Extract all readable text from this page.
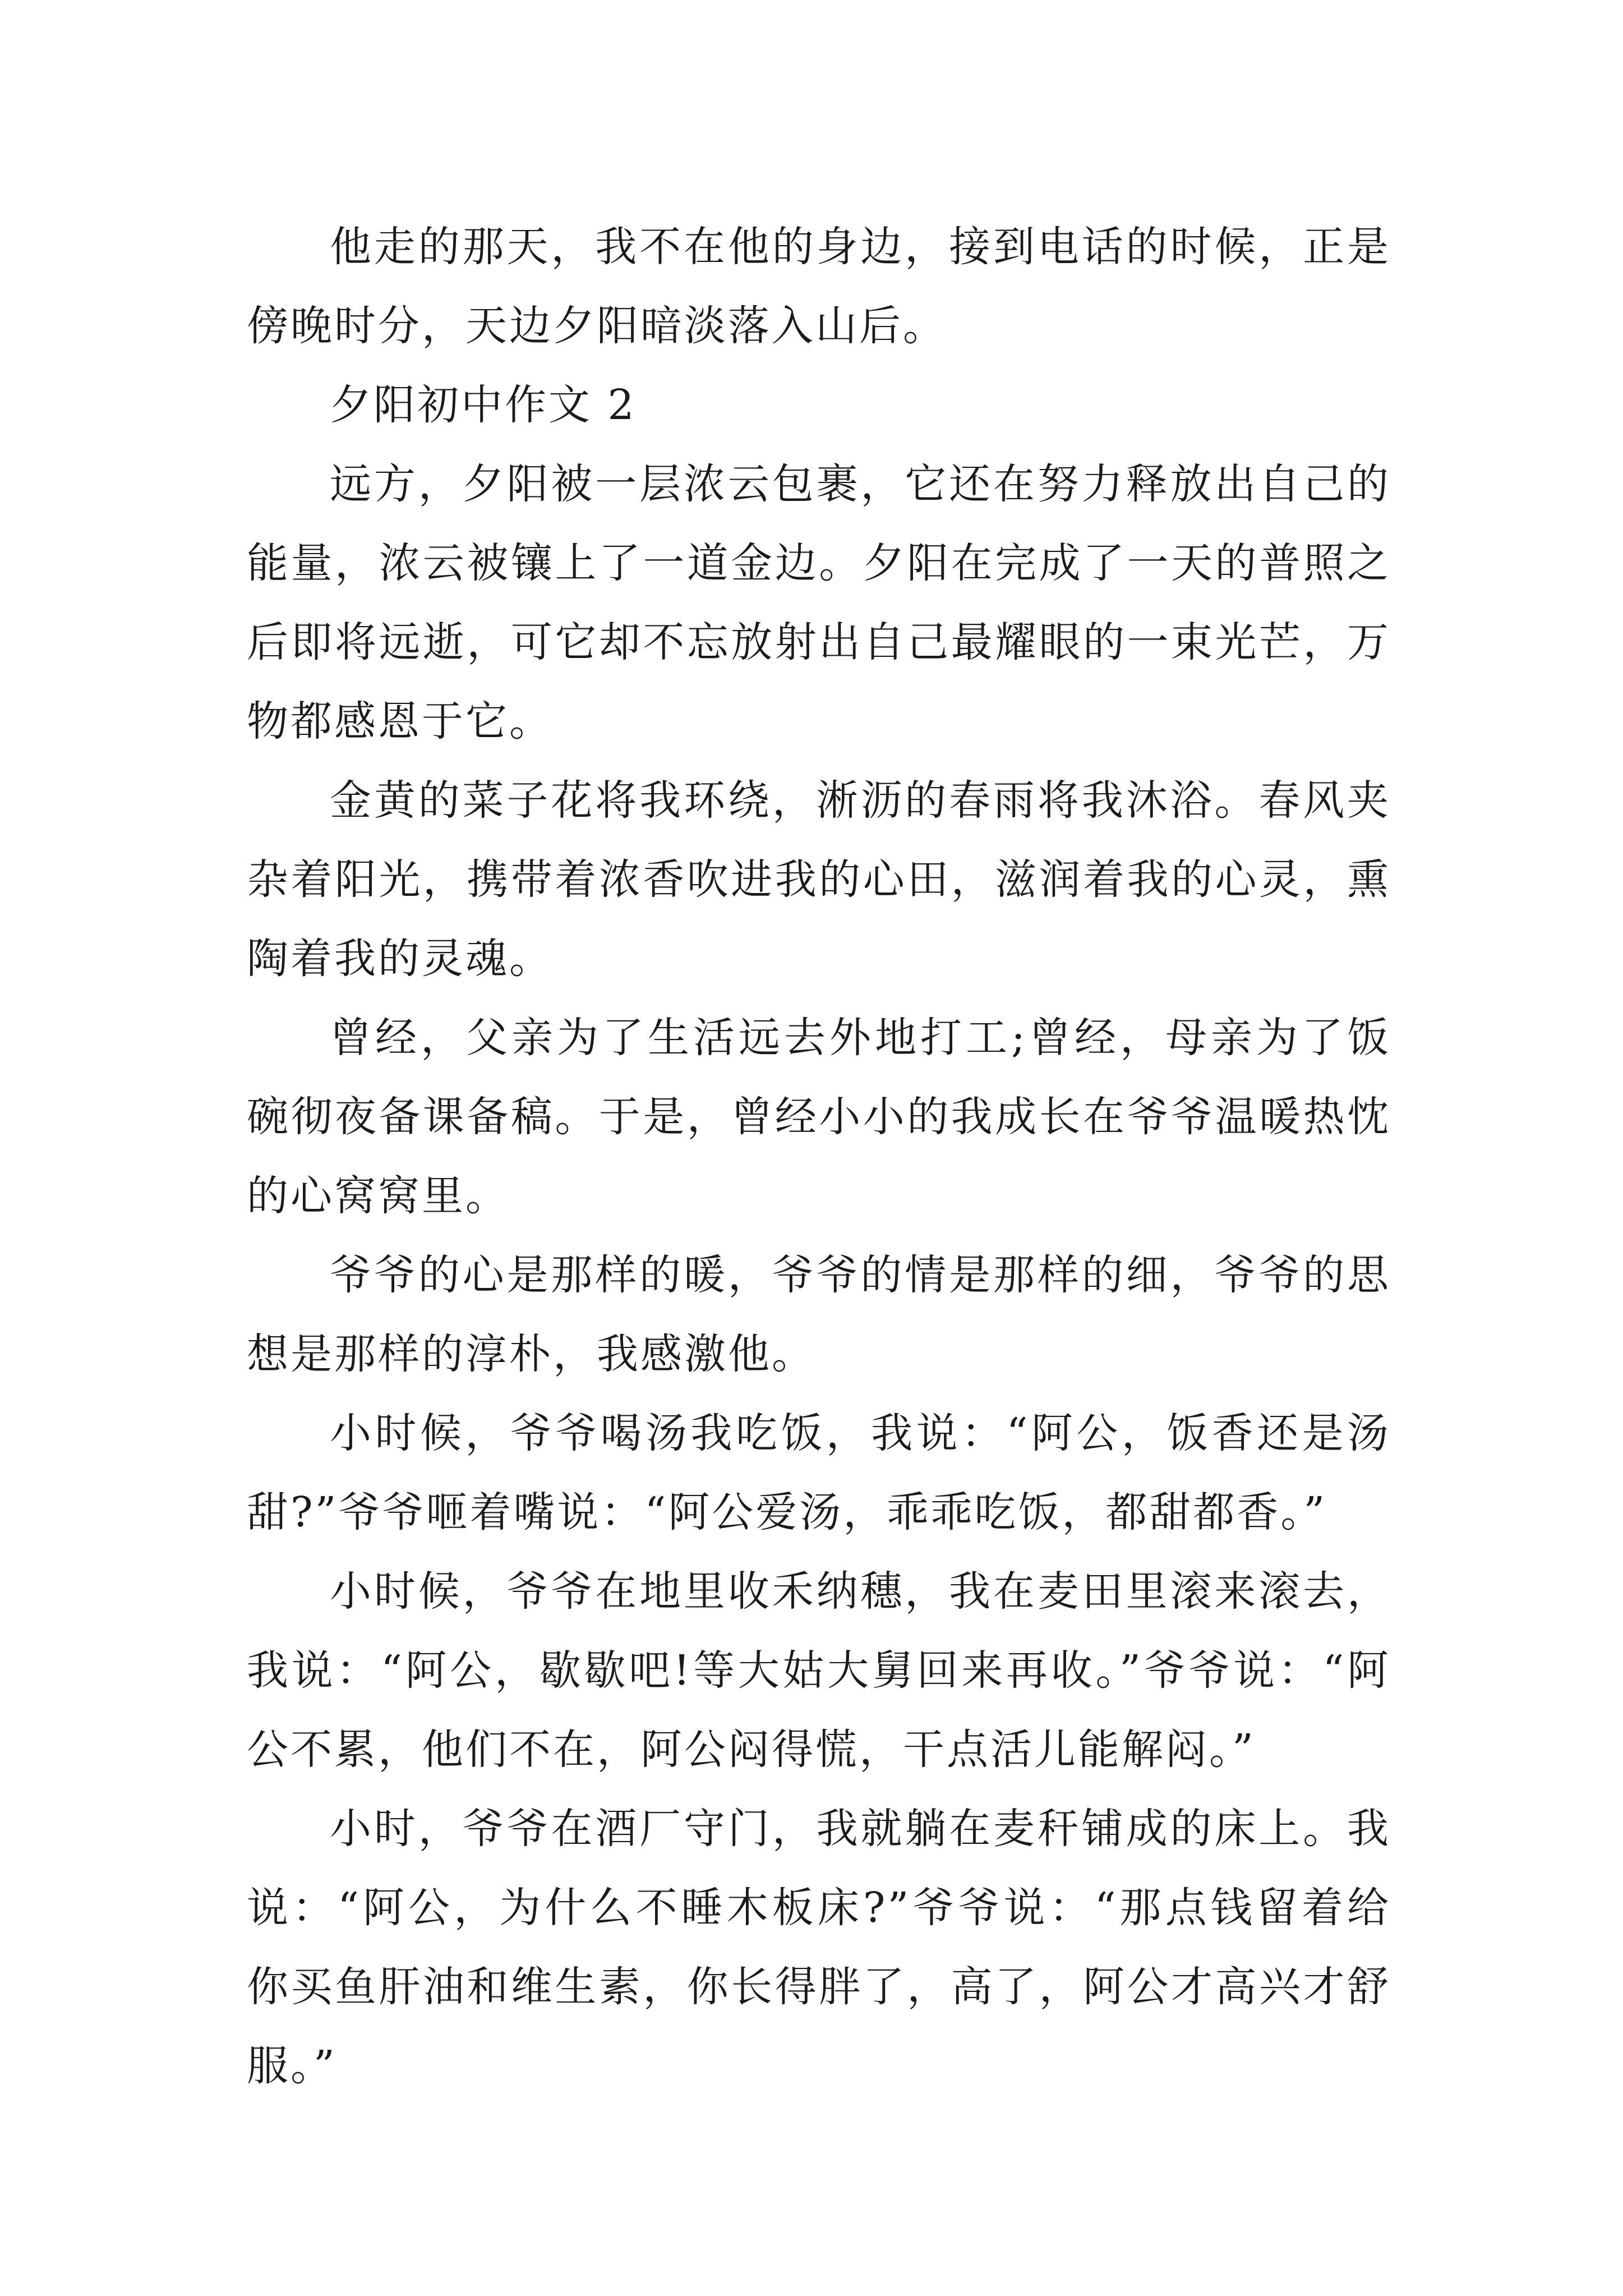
他走的那天，我不在他的身边，接到电话的时候，正是傍晚时分，天边夕阳暗淡落入山后。

夕阳初中作文 2

远方，夕阳被一层浓云包裹，它还在努力释放出自己的能量，浓云被镶上了一道金边。夕阳在完成了一天的普照之后即将远逝，可它却不忘放射出自己最耀眼的一束光芒，万物都感恩于它。

金黄的菜子花将我环绕，淅沥的春雨将我沐浴。春风夹杂着阳光，携带着浓香吹进我的心田，滋润着我的心灵，熏陶着我的灵魂。

曾经，父亲为了生活远去外地打工;曾经，母亲为了饭碗彻夜备课备稿。于是，曾经小小的我成长在爷爷温暖热忱的心窝窝里。

爷爷的心是那样的暖，爷爷的情是那样的细，爷爷的思想是那样的淳朴，我感激他。

小时候，爷爷喝汤我吃饭，我说：“阿公，饭香还是汤甜?”爷爷咂着嘴说：“阿公爱汤，乖乖吃饭，都甜都香。”

小时候，爷爷在地里收禾纳穗，我在麦田里滚来滚去，我说：“阿公，歇歇吧!等大姑大舅回来再收。”爷爷说：“阿公不累，他们不在，阿公闷得慌，干点活儿能解闷。”

小时，爷爷在酒厂守门，我就躺在麦秆铺成的床上。我说：“阿公，为什么不睡木板床?”爷爷说：“那点钱留着给你买鱼肝油和维生素，你长得胖了，高了，阿公才高兴才舒服。”
